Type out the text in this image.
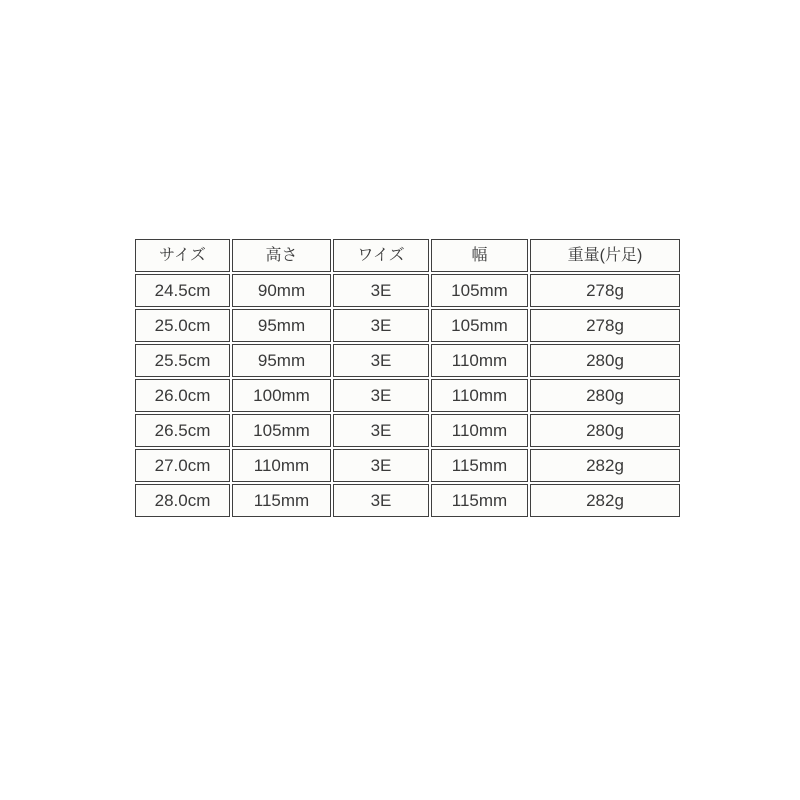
サイズ	高さ	ワイズ	幅	重量(片足)
24.5cm	90mm	3E	105mm	278g
25.0cm	95mm	3E	105mm	278g
25.5cm	95mm	3E	110mm	280g
26.0cm	100mm	3E	110mm	280g
26.5cm	105mm	3E	110mm	280g
27.0cm	110mm	3E	115mm	282g
28.0cm	115mm	3E	115mm	282g
